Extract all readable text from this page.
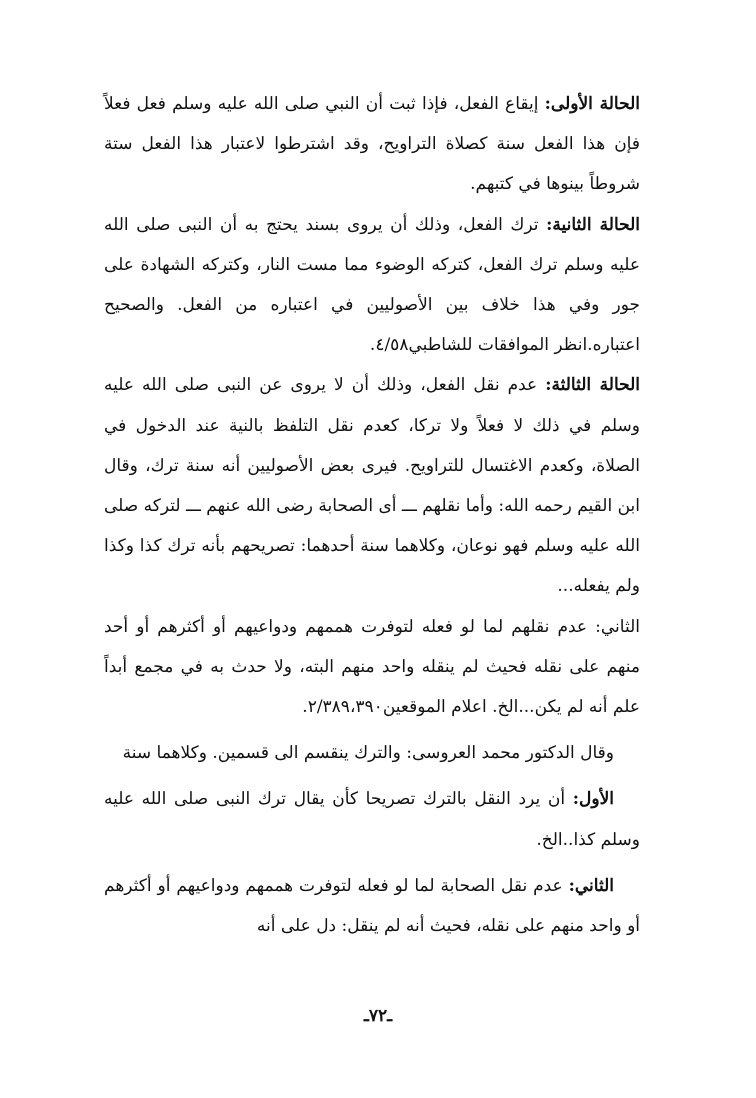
الحالة الأولى: إيقاع الفعل، فإذا ثبت أن النبي صلى الله عليه وسلم فعل فعلاً فإن هذا الفعل سنة كصلاة التراويح، وقد اشترطوا لاعتبار هذا الفعل ستة شروطاً بينوها في كتبهم.

الحالة الثانية: ترك الفعل، وذلك أن يروى بسند يحتج به أن النبى صلى الله عليه وسلم ترك الفعل، كتركه الوضوء مما مست النار، وكتركه الشهادة على جور وفي هذا خلاف بين الأصوليين في اعتباره من الفعل. والصحيح اعتباره.انظر الموافقات للشاطبي٤/٥٨.

الحالة الثالثة: عدم نقل الفعل، وذلك أن لا يروى عن النبى صلى الله عليه وسلم في ذلك لا فعلاً ولا تركا، كعدم نقل التلفظ بالنية عند الدخول في الصلاة، وكعدم الاغتسال للتراويح. فيرى بعض الأصوليين أنه سنة ترك، وقال ابن القيم رحمه الله: وأما نقلهم ـــ أى الصحابة رضى الله عنهم ـــ لتركه صلى الله عليه وسلم فهو نوعان، وكلاهما سنة أحدهما: تصريحهم بأنه ترك كذا وكذا ولم يفعله...

الثاني: عدم نقلهم لما لو فعله لتوفرت هممهم ودواعيهم أو أكثرهم أو أحد منهم على نقله فحيث لم ينقله واحد منهم البته، ولا حدث به في مجمع أبداً علم أنه لم يكن...الخ. اعلام الموقعين٢/٣٨٩،٣٩٠.

وقال الدكتور محمد العروسى: والترك ينقسم الى قسمين. وكلاهما سنة

الأول: أن يرد النقل بالترك تصريحا كأن يقال ترك النبى صلى الله عليه وسلم كذا..الخ.

الثاني: عدم نقل الصحابة لما لو فعله لتوفرت هممهم ودواعيهم أو أكثرهم أو واحد منهم على نقله، فحيث أنه لم ينقل: دل على أنه

ـ٧٢ـ
